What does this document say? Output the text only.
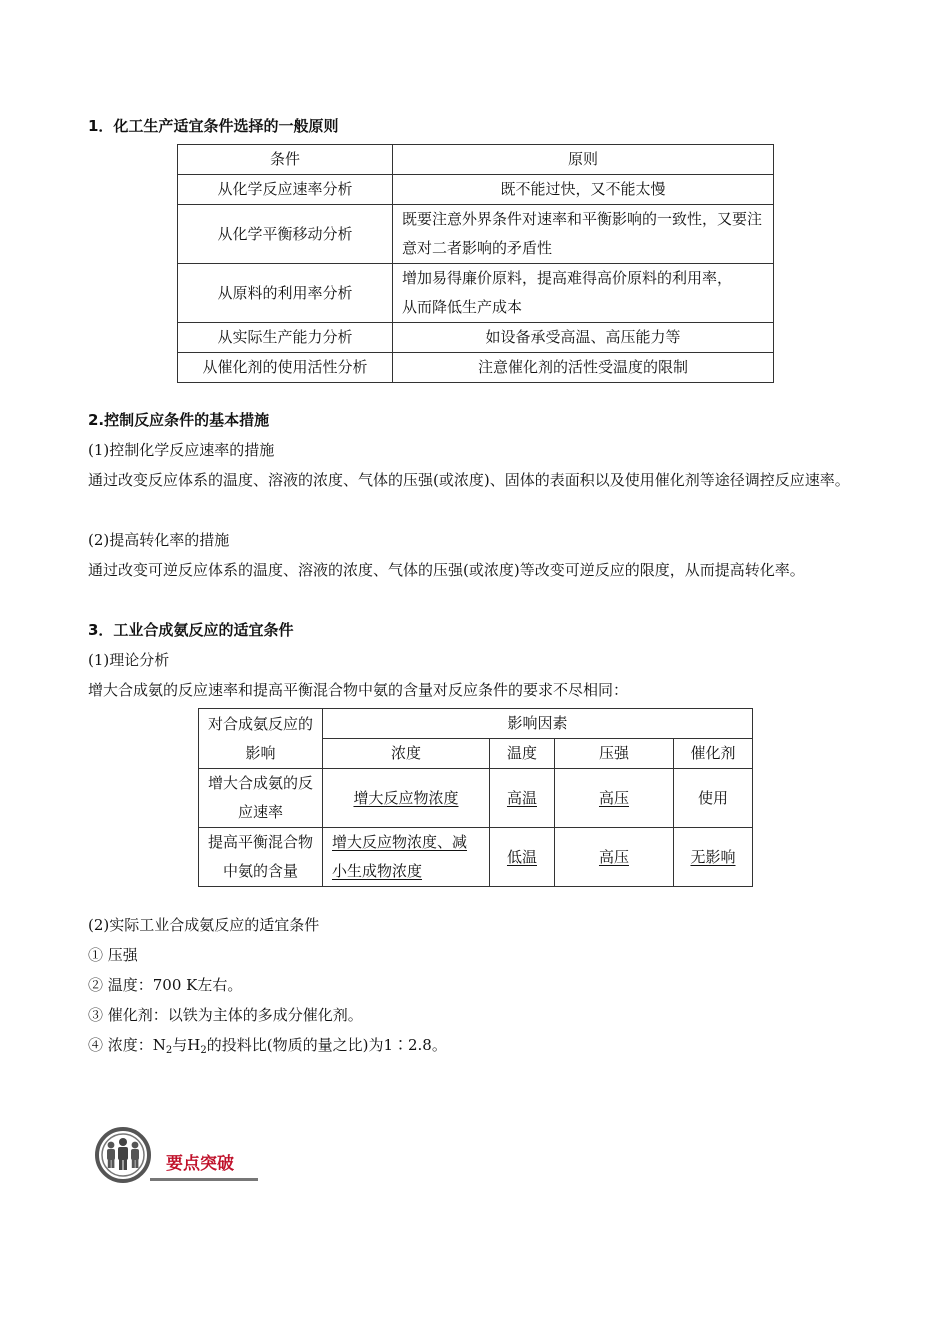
1．化工生产适宜条件选择的一般原则
条件	原则
从化学反应速率分析	既不能过快，又不能太慢
从化学平衡移动分析	既要注意外界条件对速率和平衡影响的一致性，又要注意对二者影响的矛盾性
从原料的利用率分析	增加易得廉价原料，提高难得高价原料的利用率，从而降低生产成本
从实际生产能力分析	如设备承受高温、高压能力等
从催化剂的使用活性分析	注意催化剂的活性受温度的限制
2.控制反应条件的基本措施
(1)控制化学反应速率的措施
通过改变反应体系的温度、溶液的浓度、气体的压强(或浓度)、固体的表面积以及使用催化剂等途径调控反应速率。
(2)提高转化率的措施
通过改变可逆反应体系的温度、溶液的浓度、气体的压强(或浓度)等改变可逆反应的限度，从而提高转化率。
3．工业合成氨反应的适宜条件
(1)理论分析
增大合成氨的反应速率和提高平衡混合物中氨的含量对反应条件的要求不尽相同：
对合成氨反应的影响	影响因素			
	浓度	温度	压强	催化剂
增大合成氨的反应速率	增大反应物浓度	高温	高压	使用
提高平衡混合物中氨的含量	增大反应物浓度、减小生成物浓度	低温	高压	无影响
(2)实际工业合成氨反应的适宜条件
① 压强
② 温度：700 K左右。
③ 催化剂：以铁为主体的多成分催化剂。
④ 浓度：$N_2$与$H_2$的投料比(物质的量之比)为1∶2.8。
要点突破
